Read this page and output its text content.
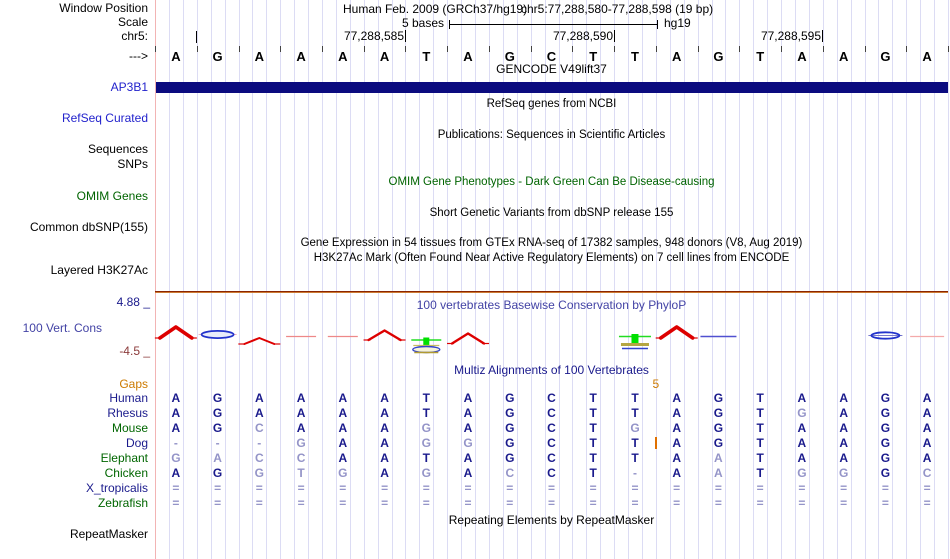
77,288,585	77,288,590	77,288,595
A G A A A A	T	A G C	T	T	A G	T	A A G A
Human A	G	A	A	A	A	T	A	G	C	T	T	A	G	T	A	A	G	A
Rhesus A	G	A	A	A	A	T	A	G	C	T	T	A	G	T	G	A	G	A
Mouse A	G	C	A	A	A	G	A	G	C	T	G	A	G	T	A	A	G	A
Dog -	-	-	G	A	A	G	G	G	C	T	T	A	G	T	A	A	G	A
Elephant G	A	C	C	A	A	T	A	G	C	T	T	A	A	T	A	A	G	A
Chicken A	G	G	T	G	A	G	A	C	C	T	-	A	A	T	G	G	G	C
X_tropicalis =	=	=	=	=	=	=	=	=	=	=	=	=	=	=	=	=	=	=
Zebrafish =	=	=	=	=	=	=	=	=	=	=	=	=	=	=	=	=	=	=
Window Position	Human Feb. 2009 (GRCh37/hg19)
chr5:77,288,580-77,288,598 (19 bp)
Scale	5 bases	hg19
chr5:
--->
GENCODE V49lift37
AP3B1
RefSeq genes from NCBI
RefSeq Curated
Publications: Sequences in Scientific Articles
Sequences
SNPs
OMIM Gene Phenotypes - Dark Green Can Be Disease-causing
OMIM Genes
Short Genetic Variants from dbSNP release 155
Common dbSNP(155)
Gene Expression in 54 tissues from GTEx RNA-seq of 17382 samples, 948 donors (V8, Aug 2019)
H3K27Ac Mark (Often Found Near Active Regulatory Elements) on 7 cell lines from ENCODE
Layered H3K27Ac
4.88 _	100 vertebrates Basewise Conservation by PhyloP
100 Vert. Cons
-4.5 _
Multiz Alignments of 100 Vertebrates
Gaps	5
Repeating Elements by RepeatMasker
RepeatMasker
